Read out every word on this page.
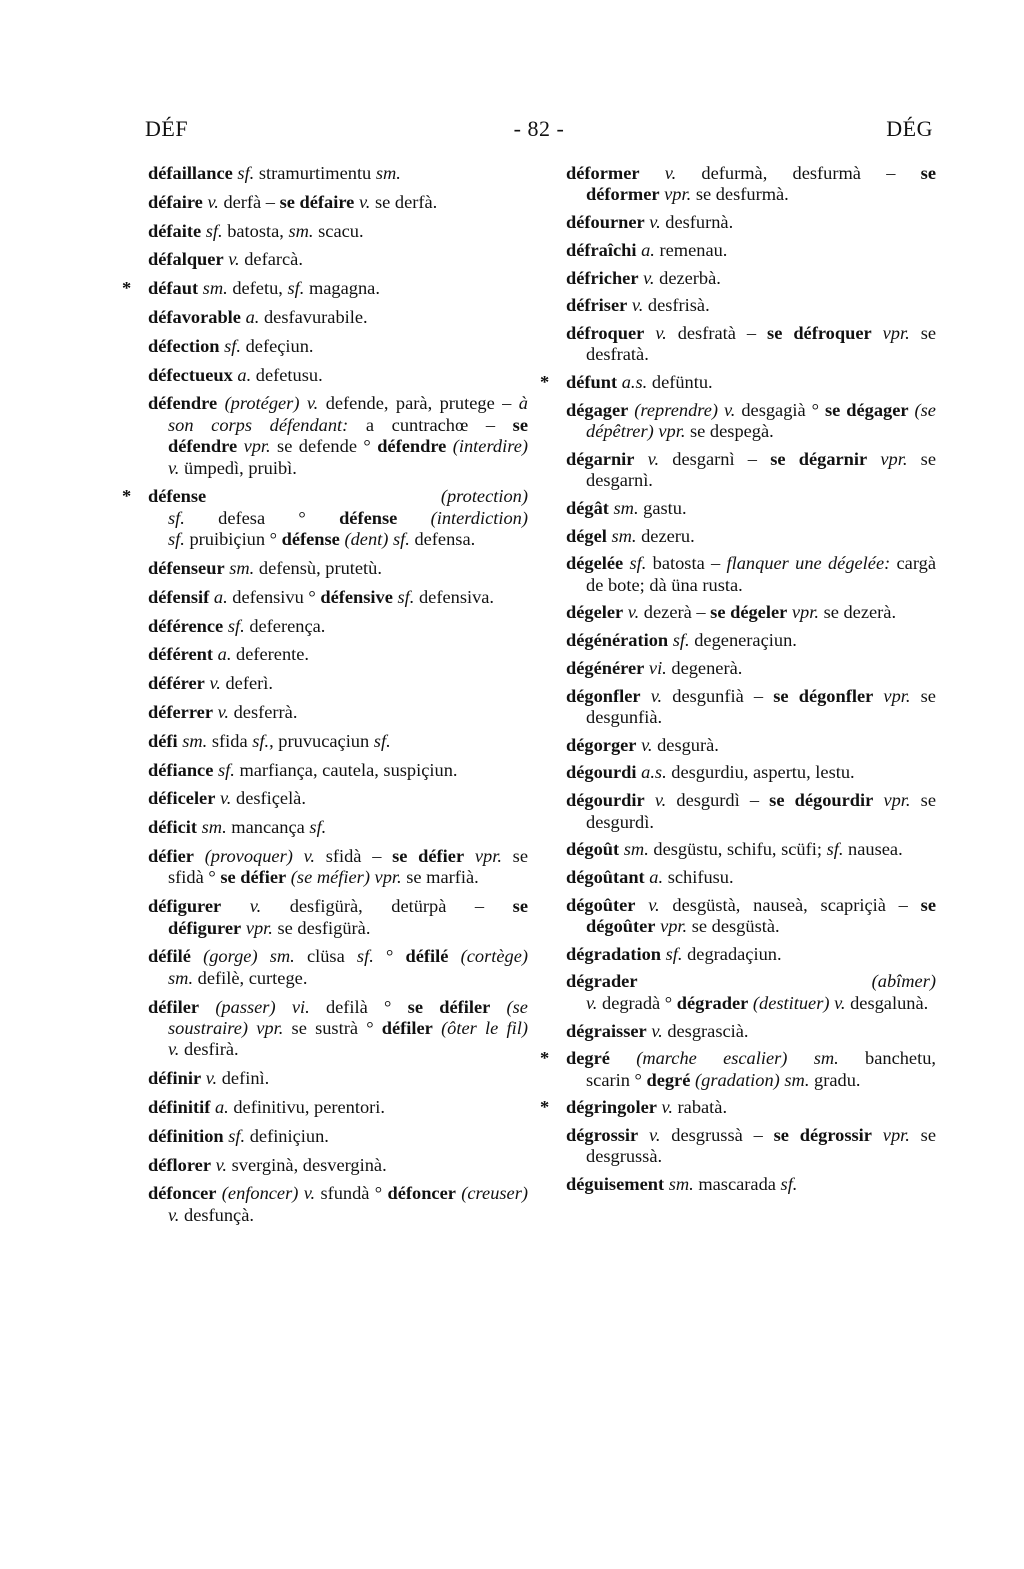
DÉF	- 82 -	DÉG
défaillance sf. stramurtimentu sm.
défaire v. derfà – se défaire v. se derfà.
défaite sf. batosta, sm. scacu.
défalquer v. defarcà.
* défaut sm. defetu, sf. magagna.
défavorable a. desfavurabile.
défection sf. defeçiun.
défectueux a. defetusu.
défendre (protéger) v. defende, parà, prutege – à son corps défendant: a cuntrachœ – se défendre vpr. se defende ° défendre (interdire) v. ümpedì, pruibì.
* défense	(protection) sf. defesa ° défense (interdiction) sf. pruibiçiun ° défense (dent) sf. defensa.
défenseur sm. defensù, prutetù.
défensif a. defensivu ° défensive sf. defensiva.
déférence sf. deferença.
déférent a. deferente.
déférer v. deferì.
déferrer v. desferrà.
défi sm. sfida sf., pruvucaçiun sf.
défiance sf. marfiança, cautela, suspiçiun.
déficeler v. desfiçelà.
déficit sm. mancança sf.
défier (provoquer) v. sfidà – se défier vpr. se sfidà ° se défier (se méfier) vpr. se marfià.
défigurer v. desfigürà, detürpà – se défigurer vpr. se desfigürà.
défilé (gorge) sm. clüsa sf. ° défilé (cortège) sm. defilè, curtege.
défiler (passer) vi. defilà ° se défiler (se soustraire) vpr. se sustrà ° défiler (ôter le fil) v. desfirà.
définir v. definì.
définitif a. definitivu, perentori.
définition sf. definiçiun.
déflorer v. sverginà, desverginà.
défoncer (enfoncer) v. sfundà ° défoncer (creuser) v. desfunçà.
déformer v. defurmà, desfurmà – se déformer vpr. se desfurmà.
défourner v. desfurnà.
défraîchi a. remenau.
défricher v. dezerbà.
défriser v. desfrisà.
défroquer v. desfratà – se défroquer vpr. se desfratà.
* défunt a.s. defüntu.
dégager (reprendre) v. desgagià ° se dégager (se dépêtrer) vpr. se despegà.
dégarnir v. desgarnì – se dégarnir vpr. se desgarnì.
dégât sm. gastu.
dégel sm. dezeru.
dégelée sf. batosta – flanquer une dégelée: cargà de bote; dà üna rusta.
dégeler v. dezerà – se dégeler vpr. se dezerà.
dégénération sf. degeneraçiun.
dégénérer vi. degenerà.
dégonfler v. desgunfià – se dégonfler vpr. se desgunfià.
dégorger v. desgurà.
dégourdi a.s. desgurdiu, aspertu, lestu.
dégourdir v. desgurdì – se dégourdir vpr. se desgurdì.
dégoût sm. desgüstu, schifu, scüfi; sf. nausea.
dégoûtant a. schifusu.
dégoûter v. desgüstà, nauseà, scapriçià – se dégoûter vpr. se desgüstà.
dégradation sf. degradaçiun.
dégrader	(abîmer) v. degradà ° dégrader (destituer) v. desgalunà.
dégraisser v. desgrascià.
* degré (marche escalier) sm. banchetu, scarin ° degré (gradation) sm. gradu.
* dégringoler v. rabatà.
dégrossir v. desgrussà – se dégrossir vpr. se desgrussà.
déguisement sm. mascarada sf.
